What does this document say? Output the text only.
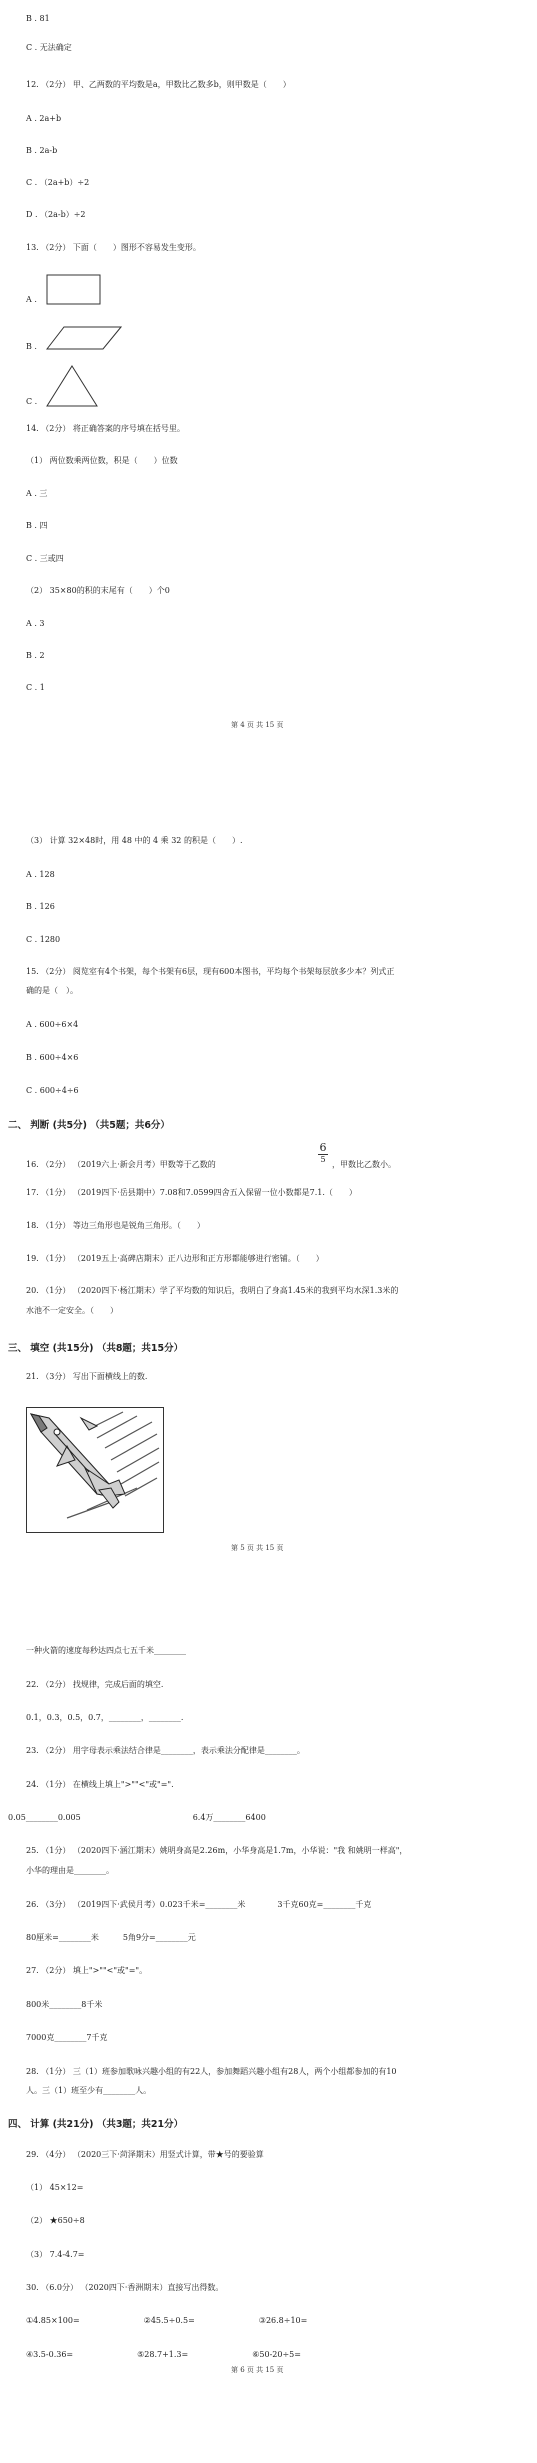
B . 81
C . 无法确定
12. （2分） 甲、乙两数的平均数是a，甲数比乙数多b，则甲数是（　　）
A . 2a+b
B . 2a-b
C . （2a+b）÷2
D . （2a-b）÷2
13. （2分） 下面（　　）图形不容易发生变形。
A .
B .
C .
14. （2分） 将正确答案的序号填在括号里。
（1） 两位数乘两位数，积是（　　）位数
A . 三
B . 四
C . 三或四
（2） 35×80的积的末尾有（　　）个0
A . 3
B . 2
C . 1
第 4 页 共 15 页
（3） 计算 32×48时，用 48 中的 4 乘 32 的积是（　　）.
A . 128
B . 126
C . 1280
15. （2分） 阅览室有4个书架，每个书架有6层，现有600本图书，平均每个书架每层放多少本？列式正
确的是（　）。
A . 600÷6×4
B . 600÷4×6
C . 600÷4÷6
二、 判断 (共5分) （共5题；共6分）
16. （2分） （2019六上·新会月考）甲数等于乙数的
6
5
，甲数比乙数小。
17. （1分） （2019四下·岳县期中）7.08和7.0599四舍五入保留一位小数都是7.1.（　　）
18. （1分） 等边三角形也是锐角三角形。（　　）
19. （1分） （2019五上·高碑店期末）正八边形和正方形都能够进行密铺。（　　）
20. （1分） （2020四下·杨江期末）学了平均数的知识后，我明白了身高1.45米的我到平均水深1.3米的
水池不一定安全。（　　）
三、 填空 (共15分) （共8题；共15分）
21. （3分） 写出下面横线上的数.
第 5 页 共 15 页
一种火箭的速度每秒达四点七五千米________
22. （2分） 找规律，完成后面的填空.
0.1，0.3，0.5，0.7，________，________.
23. （2分） 用字母表示乘法结合律是________，表示乘法分配律是________。
24. （1分） 在横线上填上">""<"或"=".
0.05________0.005　　　　　　　　　　　　　　6.4万________6400
25. （1分） （2020四下·涵江期末）姚明身高是2.26m，小华身高是1.7m，小华说："我 和姚明一样高"，
小华的理由是________。
26. （3分） （2019四下·武侯月考）0.023千米=________米　　　　3千克60克=________千克
80厘米=________米　　　5角9分=________元
27. （2分） 填上">""<"或"="。
800米________8千米
7000克________7千克
28. （1分） 三（1）班参加歌咏兴趣小组的有22人，参加舞蹈兴趣小组有28人，两个小组都参加的有10
人。三（1）班至少有________人。
四、 计算 (共21分) （共3题；共21分）
29. （4分） （2020三下·菏泽期末）用竖式计算，带★号的要验算
（1） 45×12=
（2） ★650÷8
（3） 7.4-4.7=
30. （6.0分） （2020四下·香洲期末）直接写出得数。
①4.85×100=　　　　　　　　②45.5÷0.5=　　　　　　　　③26.8÷10=
④3.5-0.36=　　　　　　　　⑤28.7+1.3=　　　　　　　　⑥50-20÷5=
第 6 页 共 15 页
